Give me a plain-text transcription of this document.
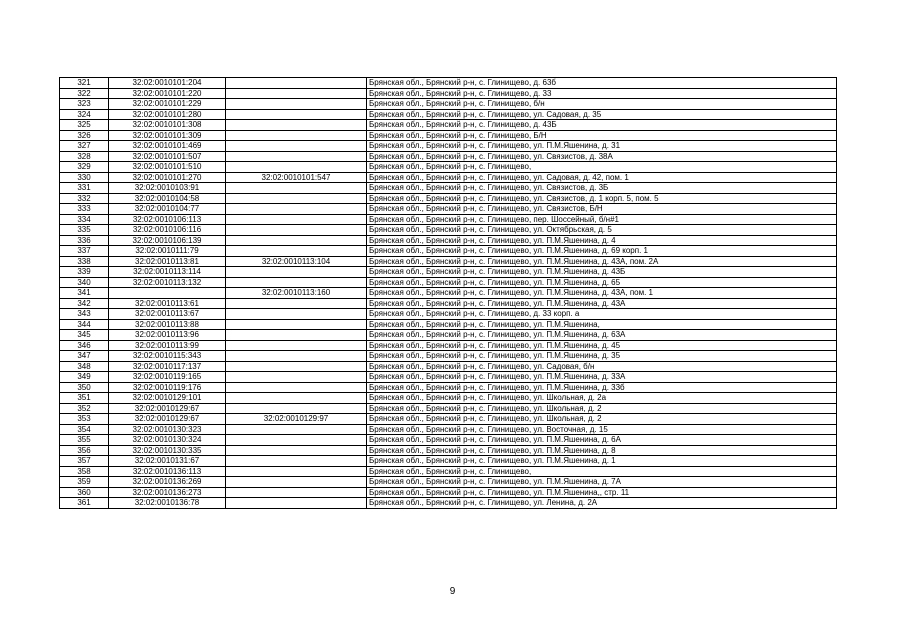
321	32:02:0010101:204		Брянская обл., Брянский р-н, с. Глинищево, д. 63б
322	32:02:0010101:220		Брянская обл., Брянский р-н, с. Глинищево, д. 33
323	32:02:0010101:229		Брянская обл., Брянский р-н, с. Глинищево, б/н
324	32:02:0010101:280		Брянская обл., Брянский р-н, с. Глинищево, ул. Садовая, д. 35
325	32:02:0010101:308		Брянская обл., Брянский р-н, с. Глинищево, д. 43Б
326	32:02:0010101:309		Брянская обл., Брянский р-н, с. Глинищево, Б/Н
327	32:02:0010101:469		Брянская обл., Брянский р-н, с. Глинищево, ул. П.М.Яшенина, д. 31
328	32:02:0010101:507		Брянская обл., Брянский р-н, с. Глинищево, ул. Связистов, д. 38А
329	32:02:0010101:510		Брянская обл., Брянский р-н, с. Глинищево,
330	32:02:0010101:270	32:02:0010101:547	Брянская обл., Брянский р-н, с. Глинищево, ул. Садовая, д. 42, пом. 1
331	32:02:0010103:91		Брянская обл., Брянский р-н, с. Глинищево, ул. Связистов, д. 3Б
332	32:02:0010104:58		Брянская обл., Брянский р-н, с. Глинищево, ул. Связистов, д. 1 корп. 5, пом. 5
333	32:02:0010104:77		Брянская обл., Брянский р-н, с. Глинищево, ул. Связистов, Б/Н
334	32:02:0010106:113		Брянская обл., Брянский р-н, с. Глинищево, пер. Шоссейный, б/н#1
335	32:02:0010106:116		Брянская обл., Брянский р-н, с. Глинищево, ул. Октябрьская, д. 5
336	32:02:0010106:139		Брянская обл., Брянский р-н, с. Глинищево, ул. П.М.Яшенина, д. 4
337	32:02:0010111:79		Брянская обл., Брянский р-н, с. Глинищево, ул. П.М.Яшенина, д. 69 корп. 1
338	32:02:0010113:81	32:02:0010113:104	Брянская обл., Брянский р-н, с. Глинищево, ул. П.М.Яшенина, д. 43А, пом. 2А
339	32:02:0010113:114		Брянская обл., Брянский р-н, с. Глинищево, ул. П.М.Яшенина, д. 43Б
340	32:02:0010113:132		Брянская обл., Брянский р-н, с. Глинищево, ул. П.М.Яшенина, д. 65
341		32:02:0010113:160	Брянская обл., Брянский р-н, с. Глинищево, ул. П.М.Яшенина, д. 43А, пом. 1
342	32:02:0010113:61		Брянская обл., Брянский р-н, с. Глинищево, ул. П.М.Яшенина, д. 43А
343	32:02:0010113:67		Брянская обл., Брянский р-н, с. Глинищево, д. 33 корп. а
344	32:02:0010113:88		Брянская обл., Брянский р-н, с. Глинищево, ул. П.М.Яшенина,
345	32:02:0010113:96		Брянская обл., Брянский р-н, с. Глинищево, ул. П.М.Яшенина, д. 63А
346	32:02:0010113:99		Брянская обл., Брянский р-н, с. Глинищево, ул. П.М.Яшенина, д. 45
347	32:02:0010115:343		Брянская обл., Брянский р-н, с. Глинищево, ул. П.М.Яшенина, д. 35
348	32:02:0010117:137		Брянская обл., Брянский р-н, с. Глинищево, ул. Садовая, б/н
349	32:02:0010119:165		Брянская обл., Брянский р-н, с. Глинищево, ул. П.М.Яшенина, д. 33А
350	32:02:0010119:176		Брянская обл., Брянский р-н, с. Глинищево, ул. П.М.Яшенина, д. 33б
351	32:02:0010129:101		Брянская обл., Брянский р-н, с. Глинищево, ул. Школьная, д. 2а
352	32:02:0010129:67		Брянская обл., Брянский р-н, с. Глинищево, ул. Школьная, д. 2
353	32:02:0010129:67	32:02:0010129:97	Брянская обл., Брянский р-н, с. Глинищево, ул. Школьная, д. 2
354	32:02:0010130:323		Брянская обл., Брянский р-н, с. Глинищево, ул. Восточная, д. 15
355	32:02:0010130:324		Брянская обл., Брянский р-н, с. Глинищево, ул. П.М.Яшенина, д. 6А
356	32:02:0010130:335		Брянская обл., Брянский р-н, с. Глинищево, ул. П.М.Яшенина, д. 8
357	32:02:0010131:67		Брянская обл., Брянский р-н, с. Глинищево, ул. П.М.Яшенина, д. 1
358	32:02:0010136:113		Брянская обл., Брянский р-н, с. Глинищево,
359	32:02:0010136:269		Брянская обл., Брянский р-н, с. Глинищево, ул. П.М.Яшенина, д. 7А
360	32:02:0010136:273		Брянская обл., Брянский р-н, с. Глинищево, ул. П.М.Яшенина,, стр. 11
361	32:02:0010136:78		Брянская обл., Брянский р-н, с. Глинищево, ул. Ленина, д. 2А
9
